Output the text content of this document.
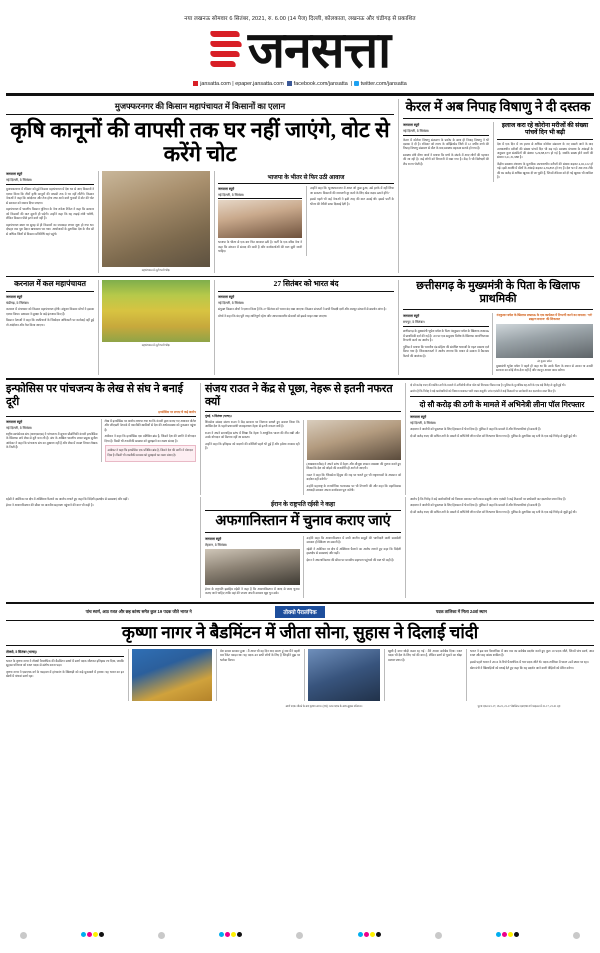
नया लखनऊ सोमवार 6 सितंबर, 2021, रु. 6.00 (14 पेज) दिल्ली, कोलकाता, लखनऊ और चंडीगढ़ से प्रकाशित
जनसत्ता
jansatta.com | epaper.jansatta.com facebook.com/jansatta  | twitter.com/jansatta
मुजफ्फरनगर की किसान महापंचायत में किसानों का एलान
कृषि कानूनों की वापसी तक घर नहीं जाएंगे, वोट से करेंगे चोट
जनसत्ता ब्यूरो
नई दिल्ली, 5 सितंबर।

मुजफ्फरनगर में रविवार को हुई किसान महापंचायत में देश भर से आए किसानों ने एलान किया कि तीनों कृषि कानूनों की वापसी तक वे घर नहीं लौटेंगे। किसान नेताओं ने कहा कि आंदोलन और तेज होगा तथा आने वाले चुनावों में वोट की चोट से सरकार को जवाब दिया जाएगा।

महापंचायत में भारतीय किसान यूनियन के नेता राकेश टिकैत ने कहा कि सरकार को किसानों की बात सुननी ही पड़ेगी। उन्होंने कहा कि यह लड़ाई लंबी चलेगी, लेकिन किसान पीछे हटने वाले नहीं हैं।

महापंचायत स्थल पर सुबह से ही किसानों का जमावड़ा लगना शुरू हो गया था। दोपहर तक पूरा मैदान खचाखच भर गया। आयोजकों के मुताबिक देश के तीन सौ से अधिक जिलों से किसान प्रतिनिधि यहां पहुंचे।

महापंचायत में जुटी भारी भीड़।
भाजपा के भीतर से फिर उठी आवाज
जनसत्ता ब्यूरो
नई दिल्ली, 5 सितंबर।

भाजपा के भीतर से एक बार फिर आवाज उठी है। पार्टी के एक वरिष्ठ नेता ने कहा कि संगठन में संवाद की कमी है और कार्यकर्ताओं की बात सुनी जानी चाहिए।

उन्होंने कहा कि 'मुजफ्फरनगर में आज जो कुछ हुआ, उसे हल्के में नहीं लिया जा सकता। किसानों की नाराजगी दूर करने के लिए ठोस कदम उठाने होंगे।'

इससे पहले भी कई नेताओं ने इसी तरह की बात उठाई थी। इससे पार्टी के भीतर की बेचैनी साफ दिखाई देती है।

केरल में अब निपाह विषाणु ने दी दस्तक
जनसत्ता ब्यूरो
नई दिल्ली, 5 सितंबर।

केरल में कोरोना विषाणु संक्रमण के प्रकोप के साथ ही निपाह विषाणु ने भी दस्तक दे दी है। रविवार को राज्य के कोझिकोड जिले में 12 वर्षीय बच्चे की निपाह विषाणु संक्रमण से मौत के बाद स्वास्थ्य महकमा सतर्क हो गया है।

स्वास्थ्य मंत्री वीणा जार्ज ने बताया कि बच्चे के संपर्क में आए लोगों की पहचान की जा रही है। कई लोगों को निगरानी में रखा गया है। केंद्र ने भी विशेषज्ञों की टीम राज्य भेजी है।

इलाज करा रहे कोरोना मरीजों की संख्या पांचवें दिन भी बढ़ी

देश में एक दिन में 38 हजार से अधिक कोरोना संक्रमण के नए मामले आने के बाद उपचाराधीन मरीजों की संख्या पांचवें दिन भी बढ़ गई। स्वास्थ्य मंत्रालय के आंकड़ों के अनुसार कुल संक्रमितों की संख्या 3,29,88,673 हो गई है, जबकि स्वस्थ होने वालों की संख्या 3,21,31,988 है।

केंद्रीय स्वास्थ्य मंत्रालय के मुताबिक उपचाराधीन मरीजों की संख्या बढ़कर 4,02,122 हो गई। इसी अवधि में मौतों के आंकड़े बढ़कर 4,39,895 हो गए हैं। देश भर में अब तक टीके की 69 करोड़ से अधिक खुराक दी जा चुकी हैं, जिनमें रविवार को दी गई खुराक भी शामिल है।

करनाल में कल महापंचायत
जनसत्ता ब्यूरो
चंडीगढ़, 5 सितंबर।

करनाल में मंगलवार को किसान महापंचायत होगी। संयुक्त किसान मोर्चा ने इसका एलान किया। प्रशासन ने सुरक्षा के कड़े इंतजाम किए हैं।

किसान नेताओं ने कहा कि लाठीचार्ज के जिम्मेदार अधिकारी पर कार्रवाई नहीं हुई तो आंदोलन और तेज किया जाएगा।

महापंचायत में जुटी भारी भीड़।
27 सितंबर को भारत बंद
जनसत्ता ब्यूरो
नई दिल्ली, 5 सितंबर।

संयुक्त किसान मोर्चा ने एलान किया है कि 27 सितंबर को भारत बंद रखा जाएगा। किसान संगठनों ने सभी विपक्षी दलों और मजदूर संगठनों से समर्थन मांगा है।

मोर्चा ने कहा कि बंद पूरी तरह शांतिपूर्ण रहेगा और आपातकालीन सेवाओं को इससे बाहर रखा जाएगा।

छत्तीसगढ़ के मुख्यमंत्री के पिता के खिलाफ प्राथमिकी
जनसत्ता ब्यूरो
रायपुर, 5 सितंबर।

छत्तीसगढ़ के मुख्यमंत्री भूपेश बघेल के पिता नंदकुमार बघेल के खिलाफ लखनऊ में प्राथमिकी दर्ज की गई है। उन पर एक समुदाय विशेष के खिलाफ आपत्तिजनक टिप्पणी करने का आरोप है।

पुलिस ने बताया कि भारतीय दंड संहिता की संबंधित धाराओं के तहत मामला दर्ज किया गया है। शिकायतकर्ता ने आरोप लगाया कि बयान से समाज में वैमनस्य फैलने की आशंका है।

नंदकुमार बघेल के खिलाफ लखनऊ के एक कार्यक्रम में टिप्पणी करने का मामला। 'गर्व' ब्राह्मण समाज' की शिकायत
नंद कुमार बघेल

मुख्यमंत्री भूपेश बघेल ने पहले ही कहा था कि उनके पिता के बयान से उनका या उनकी सरकार का कोई लेना-देना नहीं है और कानून अपना काम करेगा।

इन्फोसिस पर पांचजन्य के लेख से संघ ने बनाई दूरी
इन्फोसिस पर लगाए थे कई आरोप
जनसत्ता ब्यूरो
नई दिल्ली, 5 सितंबर।

राष्ट्रीय स्वयंसेवक संघ (आरएसएस) ने पांचजन्य में सूचना प्रौद्योगिकी कंपनी इन्फोसिस के खिलाफ छपे लेख से दूरी बना ली है। संघ के अखिल भारतीय प्रचार प्रमुख सुनील आंबेकर ने कहा कि पांचजन्य संघ का मुखपत्र नहीं है और लेख में व्यक्त विचार लेखक के निजी हैं।

लेख में इन्फोसिस पर आरोप लगाया गया था कि कंपनी द्वारा बनाए गए आयकर पोर्टल और जीएसटी नेटवर्क में तकनीकी खामियों से देश की अर्थव्यवस्था को नुकसान पहुंचा है।

आंबेकर ने कहा कि इन्फोसिस एक प्रतिष्ठित ब्रांड है, जिसने देश की प्रगति में योगदान दिया है। किसी भी तकनीकी समस्या को सुलझाने का रास्ता संवाद है।

आंबेकर ने कहा कि इन्फोसिस एक प्रतिष्ठित ब्रांड है, जिसने देश की प्रगति में योगदान दिया है। किसी भी तकनीकी समस्या को सुलझाने का रास्ता संवाद है।

संजय राउत ने केंद्र से पूछा, नेहरू से इतनी नफरत क्यों
मुंबई, 5 सितंबर (भाषा)।

शिवसेना सांसद संजय राउत ने केंद्र सरकार पर निशाना साधते हुए सवाल किया कि आखिर देश के पहले प्रधानमंत्री जवाहरलाल नेहरू से इतनी नफरत क्यों है।

राउत ने अपने साप्ताहिक स्तंभ में लिखा कि नेहरू ने आधुनिक भारत की नींव रखी और उनके योगदान को मिटाया नहीं जा सकता।

उन्होंने कहा कि इतिहास को बदलने की कोशिशें पहले भी हुई हैं और हमेशा नाकाम रही हैं।

(अखबारनवीस) ने अपने स्तंभ में नेहरू और मौजूदा शासन व्यवस्था की तुलना करते हुए लिखा कि देश को जोड़ने की राजनीति ही आगे ले जाएगी।

राउत ने कहा कि 'शिवसेना हिंदुत्व की राह पर चलते हुए भी राष्ट्रनायकों के अपमान को बर्दाश्त नहीं करेगी।'

उन्होंने महाराष्ट्र के राजनीतिक घटनाक्रम पर भी टिप्पणी की और कहा कि महाविकास आघाड़ी सरकार अपना कार्यकाल पूरा करेगी।

दो सौ करोड़ रुपए की कथित ठगी के मामले में अभिनेत्री लीना पॉल को गिरफ्तार किया गया है। पुलिस के मुताबिक वह ठगी के एक बड़े गिरोह से जुड़ी हुई थी।

आरोप है कि गिरोह ने बड़े कारोबारियों को निशाना बनाकर भारी रकम वसूली। जांच एजंसी ने कई ठिकानों पर छापेमारी कर दस्तावेज जब्त किए हैं।

दो सौ करोड़ की ठगी के मामले में अभिनेत्री लीना पॉल गिरफ्तार
जनसत्ता ब्यूरो
नई दिल्ली, 5 सितंबर।

अदालत ने आरोपी को पूछताछ के लिए हिरासत में भेज दिया है। पुलिस ने कहा कि मामले में और गिरफ्तारियां हो सकती हैं।

दो सौ करोड़ रुपए की कथित ठगी के मामले में अभिनेत्री लीना पॉल को गिरफ्तार किया गया है। पुलिस के मुताबिक वह ठगी के एक बड़े गिरोह से जुड़ी हुई थी।

रईसी ने अमेरिका पर क्षेत्र में अस्थिरता फैलाने का आरोप लगाते हुए कहा कि विदेशी हस्तक्षेप से समस्याएं और बढ़ीं।

ईरान ने अफगानिस्तान की सीमा पर मानवीय सहायता पहुंचाने की बात भी कही है।	ईरान के राष्ट्रपति रईसी ने कहा
अफगानिस्तान में चुनाव कराए जाएं
जनसत्ता ब्यूरो
तेहरान, 5 सितंबर।

ईरान के राष्ट्रपति इब्राहिम रईसी ने कहा है कि अफगानिस्तान में जल्द से जल्द चुनाव कराए जाने चाहिए ताकि वहां की जनता अपनी सरकार खुद चुन सके।

उन्होंने कहा कि अफगानिस्तान में सभी जातीय समूहों की भागीदारी वाली समावेशी सरकार ही स्थिरता ला सकती है।

रईसी ने अमेरिका पर क्षेत्र में अस्थिरता फैलाने का आरोप लगाते हुए कहा कि विदेशी हस्तक्षेप से समस्याएं और बढ़ीं।

ईरान ने अफगानिस्तान की सीमा पर मानवीय सहायता पहुंचाने की बात भी कही है।

आरोप है कि गिरोह ने बड़े कारोबारियों को निशाना बनाकर भारी रकम वसूली। जांच एजंसी ने कई ठिकानों पर छापेमारी कर दस्तावेज जब्त किए हैं।

अदालत ने आरोपी को पूछताछ के लिए हिरासत में भेज दिया है। पुलिस ने कहा कि मामले में और गिरफ्तारियां हो सकती हैं।

दो सौ करोड़ रुपए की कथित ठगी के मामले में अभिनेत्री लीना पॉल को गिरफ्तार किया गया है। पुलिस के मुताबिक वह ठगी के एक बड़े गिरोह से जुड़ी हुई थी।

पांच स्वर्ण, आठ रजत और छह कांस्य समेत कुल 19 पदक जीते भारत ने	तोक्यो पैरालंपिक	पदक तालिका में मिला 24वां स्थान
कृष्णा नागर ने बैडमिंटन में जीता सोना, सुहास ने दिलाई चांदी
तोक्यो, 5 सितंबर (भाषा)।

भारत के कृष्णा नागर ने तोक्यो पैरालंपिक की बैडमिंटन स्पर्धा में स्वर्ण पदक जीतकर इतिहास रच दिया, जबकि सुहास यतिराज को रजत पदक से संतोष करना पड़ा।

कृष्णा नागर ने एसएच6 वर्ग के फाइनल में हांगकांग के खिलाड़ी को कड़े मुकाबले में हराया। यह भारत का इन खेलों में पांचवां स्वर्ण रहा।

मेरा सपना साकार हुआ : मैं आज भी वह दिन याद करता हूं जब मैंने पहली बार रैकेट पकड़ा था। यह पदक उन सभी लोगों के लिए है जिन्होंने मुझ पर भरोसा किया।

खुशी है मगर थोड़ी कसर रह गई : मैंने अपना सर्वश्रेष्ठ दिया। रजत पदक भी देश के लिए गर्व की बात है, लेकिन स्वर्ण से चूकने का थोड़ा मलाल जरूर है।

भारत ने इस बार पैरालंपिक में अब तक का सर्वश्रेष्ठ प्रदर्शन करते हुए कुल 19 पदक जीते, जिनमें पांच स्वर्ण, आठ रजत और छह कांस्य शामिल हैं।

इससे पहले भारत ने 2016 के रियो पैरालंपिक में चार पदक जीते थे। पदक तालिका में भारत 24वें स्थान पर रहा।

खेल मंत्री ने खिलाड़ियों को बधाई देते हुए कहा कि यह प्रदर्शन आने वाली पीढ़ियों को प्रेरित करेगा।

स्वर्ण पदक जीतने के बाद कृष्णा नागर। (दाएं) रजत पदक के साथ सुहास यतिराज।	पुरुष एकल 21-17, 16-21, 21-17 बैडमिंटन एसएच6 वर्ग फाइनल में 21-17, 21-21 रहा
